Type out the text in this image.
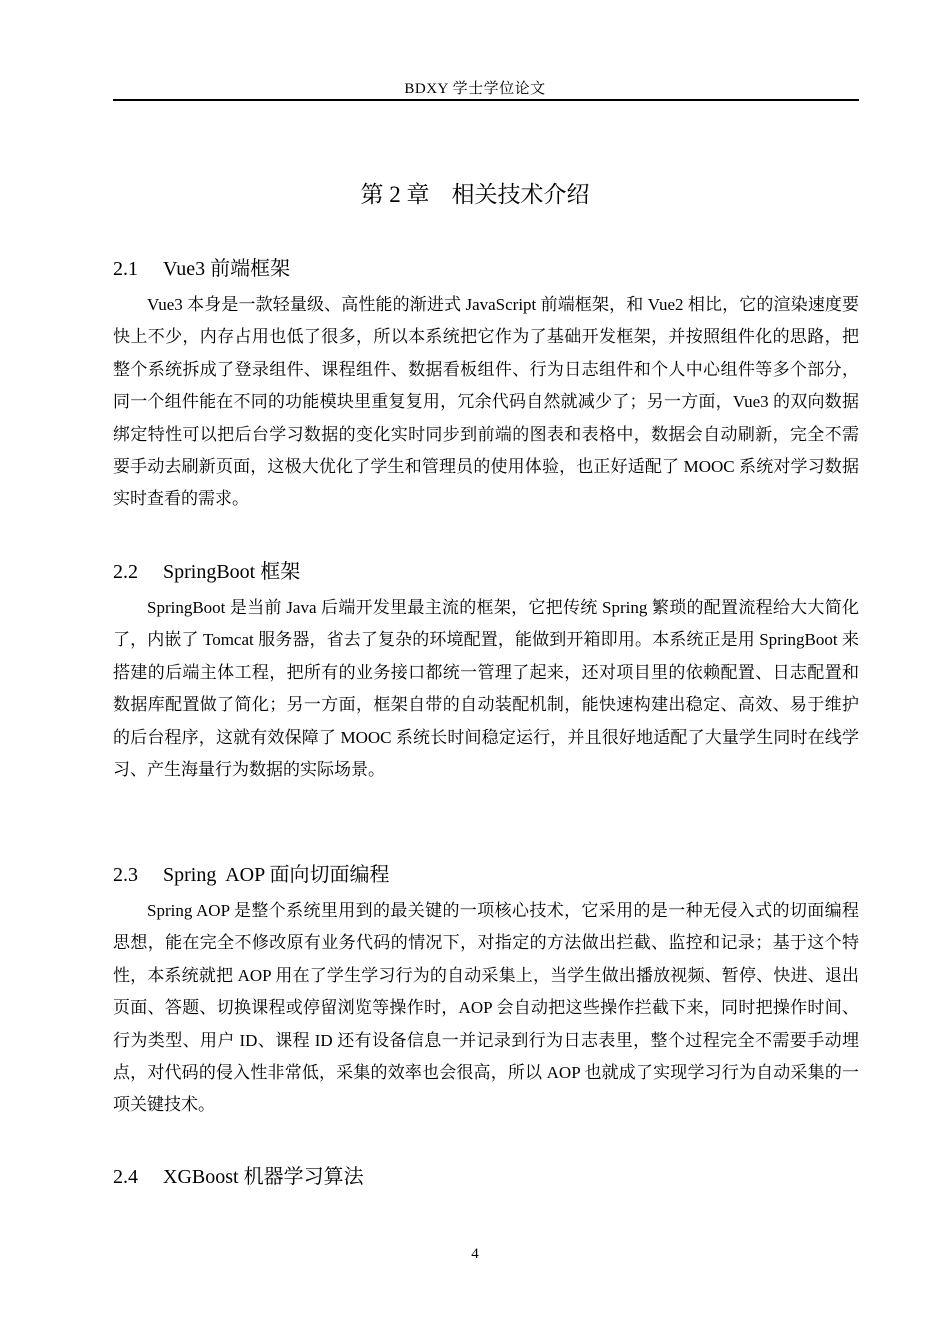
BDXY 学士学位论文
第 2 章 相关技术介绍
2.1 Vue3 前端框架

Vue3 本身是一款轻量级、高性能的渐进式 JavaScript 前端框架，和 Vue2 相比，它的渲染速度要快上不少，内存占用也低了很多，所以本系统把它作为了基础开发框架，并按照组件化的思路，把整个系统拆成了登录组件、课程组件、数据看板组件、行为日志组件和个人中心组件等多个部分，同一个组件能在不同的功能模块里重复复用，冗余代码自然就减少了；另一方面，Vue3 的双向数据绑定特性可以把后台学习数据的变化实时同步到前端的图表和表格中，数据会自动刷新，完全不需要手动去刷新页面，这极大优化了学生和管理员的使用体验，也正好适配了 MOOC 系统对学习数据实时查看的需求。

2.2 SpringBoot 框架

SpringBoot 是当前 Java 后端开发里最主流的框架，它把传统 Spring 繁琐的配置流程给大大简化了，内嵌了 Tomcat 服务器，省去了复杂的环境配置，能做到开箱即用。本系统正是用 SpringBoot 来搭建的后端主体工程，把所有的业务接口都统一管理了起来，还对项目里的依赖配置、日志配置和数据库配置做了简化；另一方面，框架自带的自动装配机制，能快速构建出稳定、高效、易于维护的后台程序，这就有效保障了 MOOC 系统长时间稳定运行，并且很好地适配了大量学生同时在线学习、产生海量行为数据的实际场景。

2.3 Spring  AOP 面向切面编程

Spring AOP 是整个系统里用到的最关键的一项核心技术，它采用的是一种无侵入式的切面编程思想，能在完全不修改原有业务代码的情况下，对指定的方法做出拦截、监控和记录；基于这个特性，本系统就把 AOP 用在了学生学习行为的自动采集上，当学生做出播放视频、暂停、快进、退出页面、答题、切换课程或停留浏览等操作时，AOP 会自动把这些操作拦截下来，同时把操作时间、行为类型、用户 ID、课程 ID 还有设备信息一并记录到行为日志表里，整个过程完全不需要手动埋点，对代码的侵入性非常低，采集的效率也会很高，所以 AOP 也就成了实现学习行为自动采集的一项关键技术。

2.4 XGBoost 机器学习算法
4
